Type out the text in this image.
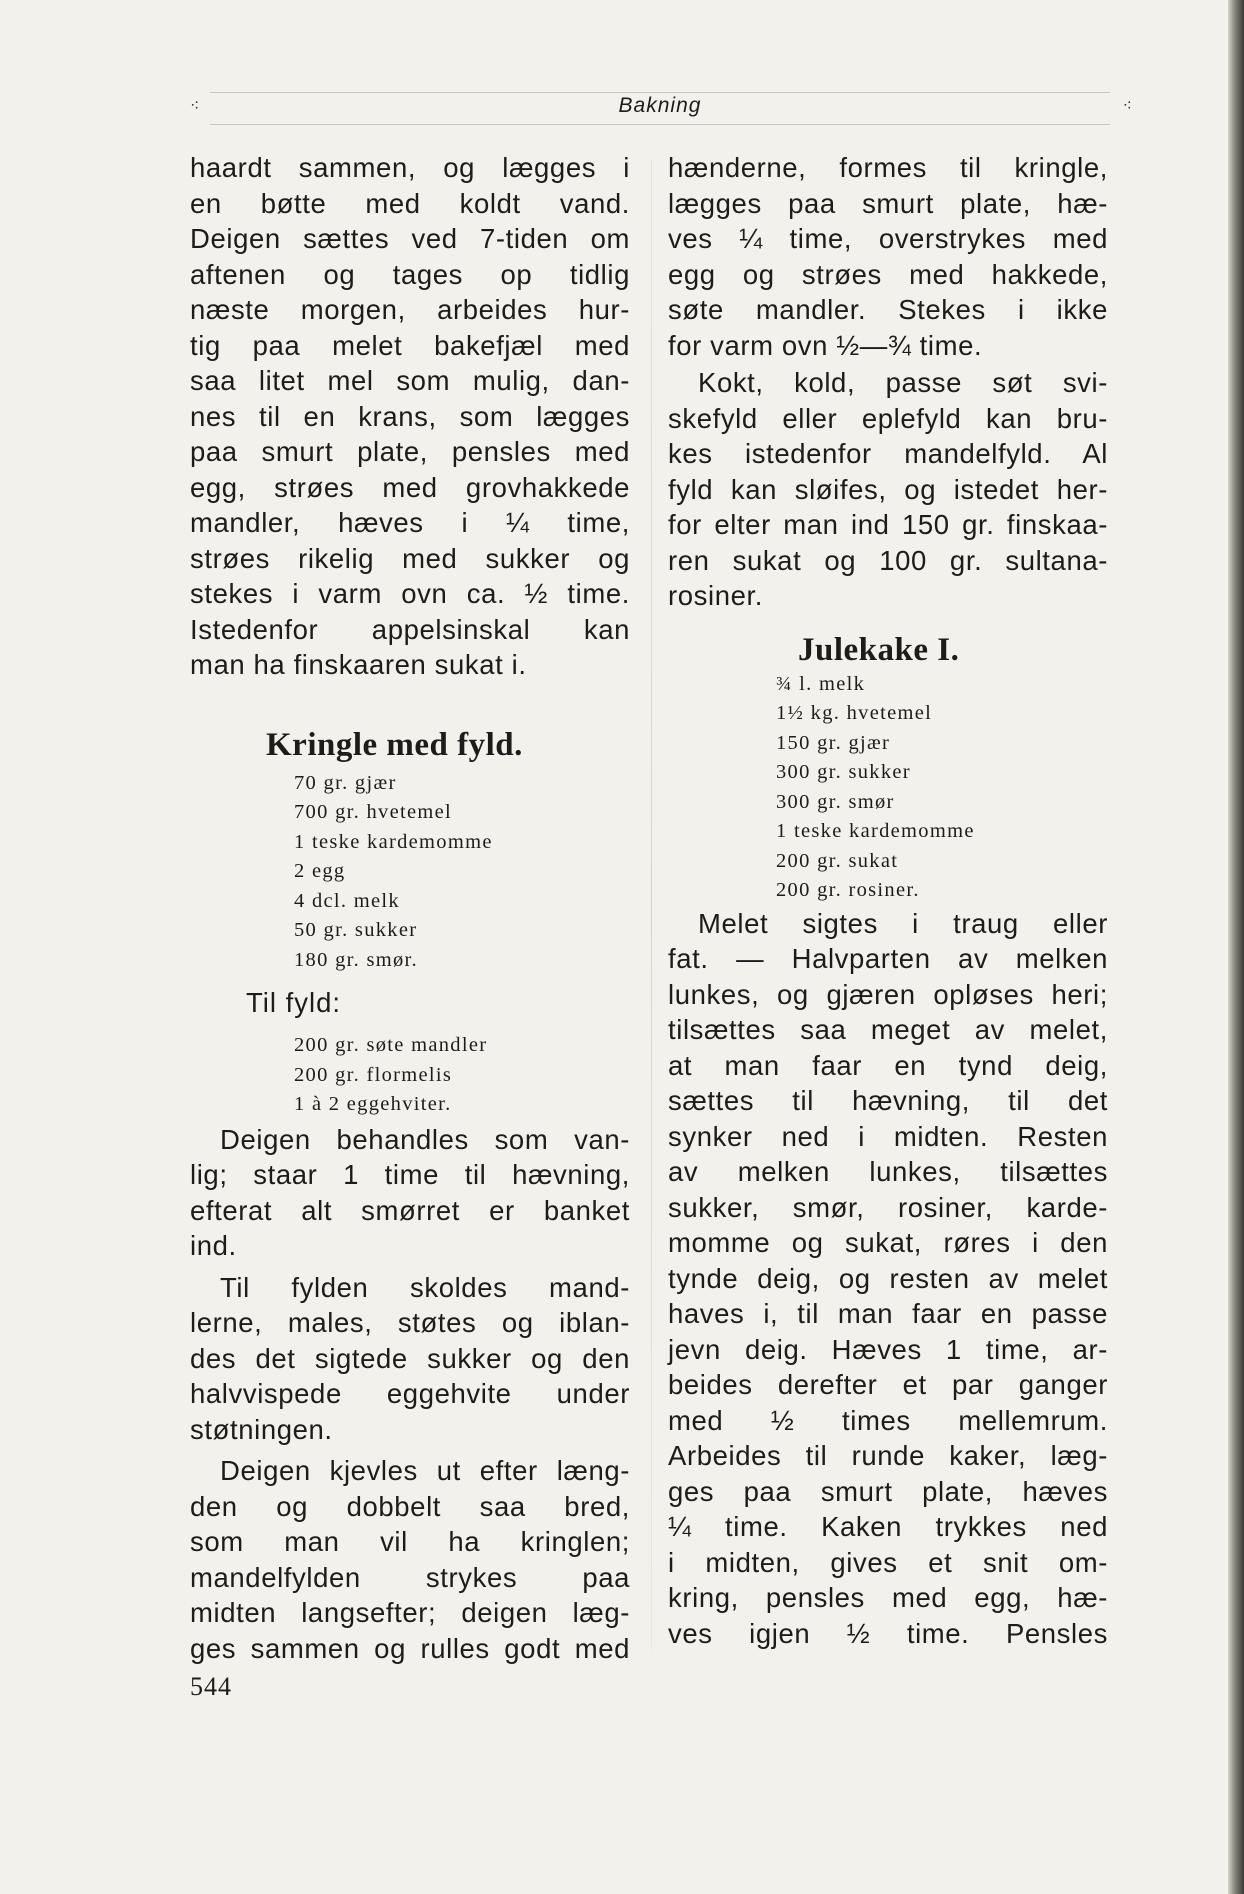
⁖	Bakning	⁖
haardt sammen, og lægges i
en bøtte med koldt vand.
Deigen sættes ved 7-tiden om
aftenen og tages op tidlig
næste morgen, arbeides hur-
tig paa melet bakefjæl med
saa litet mel som mulig, dan-
nes til en krans, som lægges
paa smurt plate, pensles med
egg, strøes med grovhakkede
mandler, hæves i ¼ time,
strøes rikelig med sukker og
stekes i varm ovn ca. ½ time.
Istedenfor appelsinskal kan
man ha finskaaren sukat i.
Kringle med fyld.
70 gr. gjær
700 gr. hvetemel
1 teske kardemomme
2 egg
4 dcl. melk
50 gr. sukker
180 gr. smør.
Til fyld:
200 gr. søte mandler
200 gr. flormelis
1 à 2 eggehviter.
Deigen behandles som van-
lig; staar 1 time til hævning,
efterat alt smørret er banket
ind.
Til fylden skoldes mand-
lerne, males, støtes og iblan-
des det sigtede sukker og den
halvvispede eggehvite under
støtningen.
Deigen kjevles ut efter læng-
den og dobbelt saa bred,
som man vil ha kringlen;
mandelfylden strykes paa
midten langsefter; deigen læg-
ges sammen og rulles godt med
hænderne, formes til kringle,
lægges paa smurt plate, hæ-
ves ¼ time, overstrykes med
egg og strøes med hakkede,
søte mandler. Stekes i ikke
for varm ovn ½—¾ time.
Kokt, kold, passe søt svi-
skefyld eller eplefyld kan bru-
kes istedenfor mandelfyld. Al
fyld kan sløifes, og istedet her-
for elter man ind 150 gr. finskaa-
ren sukat og 100 gr. sultana-
rosiner.
Julekake I.
¾ l. melk
1½ kg. hvetemel
150 gr. gjær
300 gr. sukker
300 gr. smør
1 teske kardemomme
200 gr. sukat
200 gr. rosiner.
Melet sigtes i traug eller
fat. — Halvparten av melken
lunkes, og gjæren opløses heri;
tilsættes saa meget av melet,
at man faar en tynd deig,
sættes til hævning, til det
synker ned i midten. Resten
av melken lunkes, tilsættes
sukker, smør, rosiner, karde-
momme og sukat, røres i den
tynde deig, og resten av melet
haves i, til man faar en passe
jevn deig. Hæves 1 time, ar-
beides derefter et par ganger
med ½ times mellemrum.
Arbeides til runde kaker, læg-
ges paa smurt plate, hæves
¼ time. Kaken trykkes ned
i midten, gives et snit om-
kring, pensles med egg, hæ-
ves igjen ½ time. Pensles
544
